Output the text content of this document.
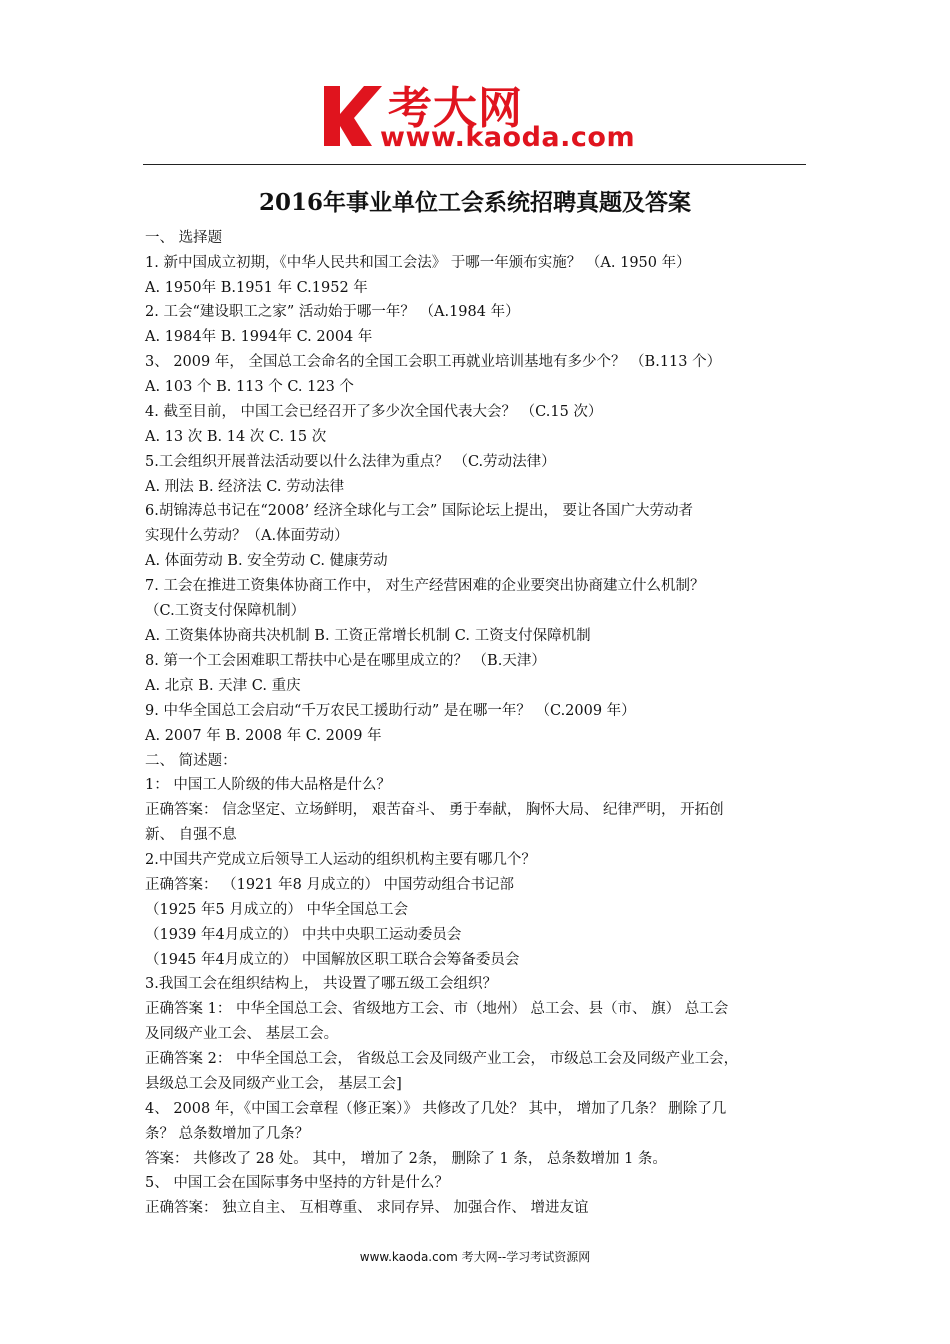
考大网
www.kaoda.com
2016年事业单位工会系统招聘真题及答案
一、 选择题
1. 新中国成立初期，《中华人民共和国工会法》 于哪一年颁布实施？ （A. 1950 年）
A. 1950年 B.1951 年 C.1952 年
2. 工会“建设职工之家” 活动始于哪一年？ （A.1984 年）
A. 1984年 B. 1994年 C. 2004 年
3、 2009 年， 全国总工会命名的全国工会职工再就业培训基地有多少个？ （B.113 个）
A. 103 个 B. 113 个 C. 123 个
4. 截至目前， 中国工会已经召开了多少次全国代表大会？ （C.15 次）
A. 13 次 B. 14 次 C. 15 次
5.工会组织开展普法活动要以什么法律为重点？ （C.劳动法律）
A. 刑法 B. 经济法 C. 劳动法律
6.胡锦涛总书记在“2008’ 经济全球化与工会” 国际论坛上提出， 要让各国广大劳动者
实现什么劳动？（A.体面劳动）
A. 体面劳动 B. 安全劳动 C. 健康劳动
7. 工会在推进工资集体协商工作中， 对生产经营困难的企业要突出协商建立什么机制？
（C.工资支付保障机制）
A. 工资集体协商共决机制 B. 工资正常增长机制 C. 工资支付保障机制
8. 第一个工会困难职工帮扶中心是在哪里成立的？ （B.天津）
A. 北京 B. 天津 C. 重庆
9. 中华全国总工会启动“千万农民工援助行动” 是在哪一年？ （C.2009 年）
A. 2007 年 B. 2008 年 C. 2009 年
二、 简述题：
1： 中国工人阶级的伟大品格是什么？
正确答案： 信念坚定、立场鲜明， 艰苦奋斗、 勇于奉献， 胸怀大局、 纪律严明， 开拓创
新、 自强不息
2.中国共产党成立后领导工人运动的组织机构主要有哪几个？
正确答案： （1921 年8 月成立的） 中国劳动组合书记部
（1925 年5 月成立的） 中华全国总工会
（1939 年4月成立的） 中共中央职工运动委员会
（1945 年4月成立的） 中国解放区职工联合会筹备委员会
3.我国工会在组织结构上， 共设置了哪五级工会组织？
正确答案 1： 中华全国总工会、省级地方工会、市（地州） 总工会、县（市、 旗） 总工会
及同级产业工会、 基层工会。
正确答案 2： 中华全国总工会， 省级总工会及同级产业工会， 市级总工会及同级产业工会，
县级总工会及同级产业工会， 基层工会]
4、 2008 年，《中国工会章程（修正案）》 共修改了几处？ 其中， 增加了几条？ 删除了几
条？ 总条数增加了几条？
答案： 共修改了 28 处。 其中， 增加了 2条， 删除了 1 条， 总条数增加 1 条。
5、 中国工会在国际事务中坚持的方针是什么？
正确答案： 独立自主、 互相尊重、 求同存异、 加强合作、 增进友谊
www.kaoda.com 考大网--学习考试资源网
